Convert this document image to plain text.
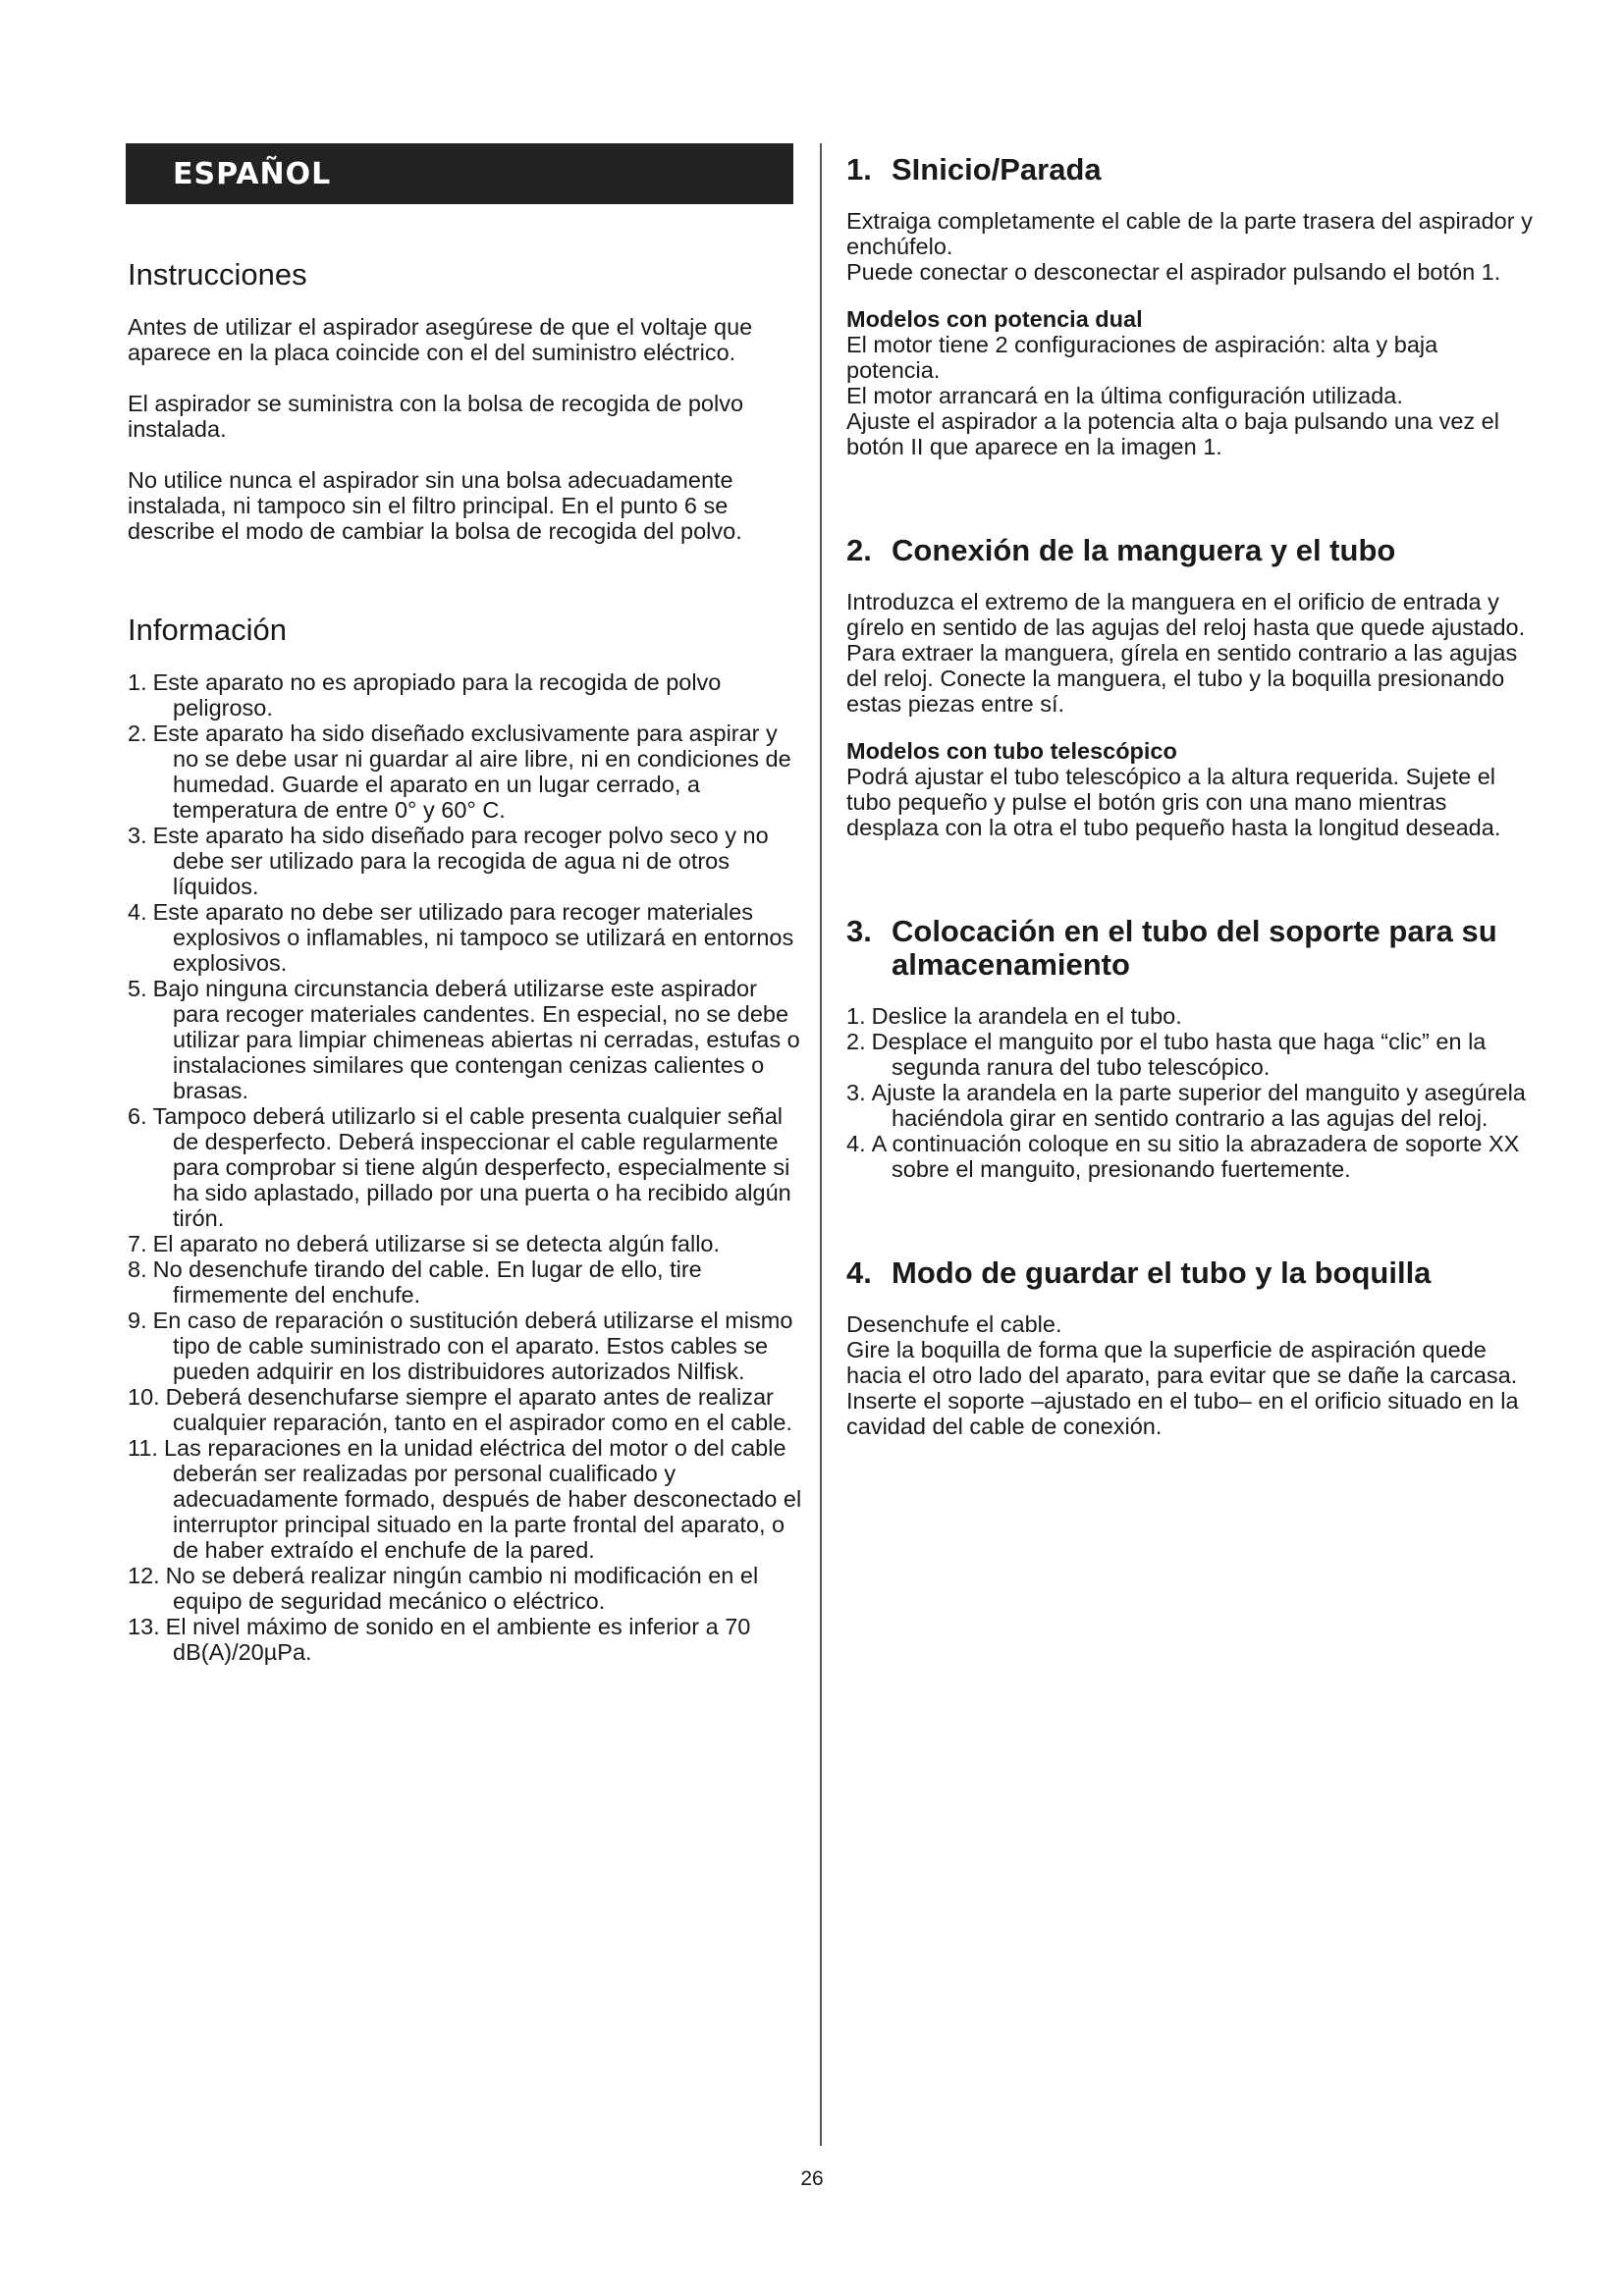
ESPAÑOL
Instrucciones

Antes de utilizar el aspirador asegúrese de que el voltaje que aparece en la placa coincide con el del suministro eléctrico.

El aspirador se suministra con la bolsa de recogida de polvo instalada.

No utilice nunca el aspirador sin una bolsa adecuadamente instalada, ni tampoco sin el filtro principal. En el punto 6 se describe el modo de cambiar la bolsa de recogida del polvo.

Información
1. Este aparato no es apropiado para la recogida de polvo peligroso.
2. Este aparato ha sido diseñado exclusivamente para aspirar y no se debe usar ni guardar al aire libre, ni en condiciones de humedad. Guarde el aparato en un lugar cerrado, a temperatura de entre 0° y 60° C.
3. Este aparato ha sido diseñado para recoger polvo seco y no debe ser utilizado para la recogida de agua ni de otros líquidos.
4. Este aparato no debe ser utilizado para recoger materiales explosivos o inflamables, ni tampoco se utilizará en entornos explosivos.
5. Bajo ninguna circunstancia deberá utilizarse este aspirador para recoger materiales candentes. En especial, no se debe utilizar para limpiar chimeneas abiertas ni cerradas, estufas o instalaciones similares que contengan cenizas calientes o brasas.
6. Tampoco deberá utilizarlo si el cable presenta cualquier señal de desperfecto. Deberá inspeccionar el cable regularmente para comprobar si tiene algún desperfecto, especialmente si ha sido aplastado, pillado por una puerta o ha recibido algún tirón.
7. El aparato no deberá utilizarse si se detecta algún fallo.
8. No desenchufe tirando del cable. En lugar de ello, tire firmemente del enchufe.
9. En caso de reparación o sustitución deberá utilizarse el mismo tipo de cable suministrado con el aparato. Estos cables se pueden adquirir en los distribuidores autorizados Nilfisk.
10. Deberá desenchufarse siempre el aparato antes de realizar cualquier reparación, tanto en el aspirador como en el cable.
11. Las reparaciones en la unidad eléctrica del motor o del cable deberán ser realizadas por personal cualificado y adecuadamente formado, después de haber desconectado el interruptor principal situado en la parte frontal del aparato, o de haber extraído el enchufe de la pared.
12. No se deberá realizar ningún cambio ni modificación en el equipo de seguridad mecánico o eléctrico.
13. El nivel máximo de sonido en el ambiente es inferior a 70 dB(A)/20µPa.
1. SInicio/Parada

Extraiga completamente el cable de la parte trasera del aspirador y enchúfelo.

Puede conectar o desconectar el aspirador pulsando el botón 1.

Modelos con potencia dual

El motor tiene 2 configuraciones de aspiración: alta y baja potencia.

El motor arrancará en la última configuración utilizada.

Ajuste el aspirador a la potencia alta o baja pulsando una vez el botón II que aparece en la imagen 1.

2. Conexión de la manguera y el tubo

Introduzca el extremo de la manguera en el orificio de entrada y gírelo en sentido de las agujas del reloj hasta que quede ajustado. Para extraer la manguera, gírela en sentido contrario a las agujas del reloj. Conecte la manguera, el tubo y la boquilla presionando estas piezas entre sí.

Modelos con tubo telescópico

Podrá ajustar el tubo telescópico a la altura requerida. Sujete el tubo pequeño y pulse el botón gris con una mano mientras desplaza con la otra el tubo pequeño hasta la longitud deseada.

3. Colocación en el tubo del soporte para su almacenamiento
1. Deslice la arandela en el tubo.
2. Desplace el manguito por el tubo hasta que haga “clic” en la segunda ranura del tubo telescópico.
3. Ajuste la arandela en la parte superior del manguito y asegúrela haciéndola girar en sentido contrario a las agujas del reloj.
4. A continuación coloque en su sitio la abrazadera de soporte XX sobre el manguito, presionando fuertemente.
4. Modo de guardar el tubo y la boquilla

Desenchufe el cable.

Gire la boquilla de forma que la superficie de aspiración quede hacia el otro lado del aparato, para evitar que se dañe la carcasa. Inserte el soporte –ajustado en el tubo– en el orificio situado en la cavidad del cable de conexión.

26
